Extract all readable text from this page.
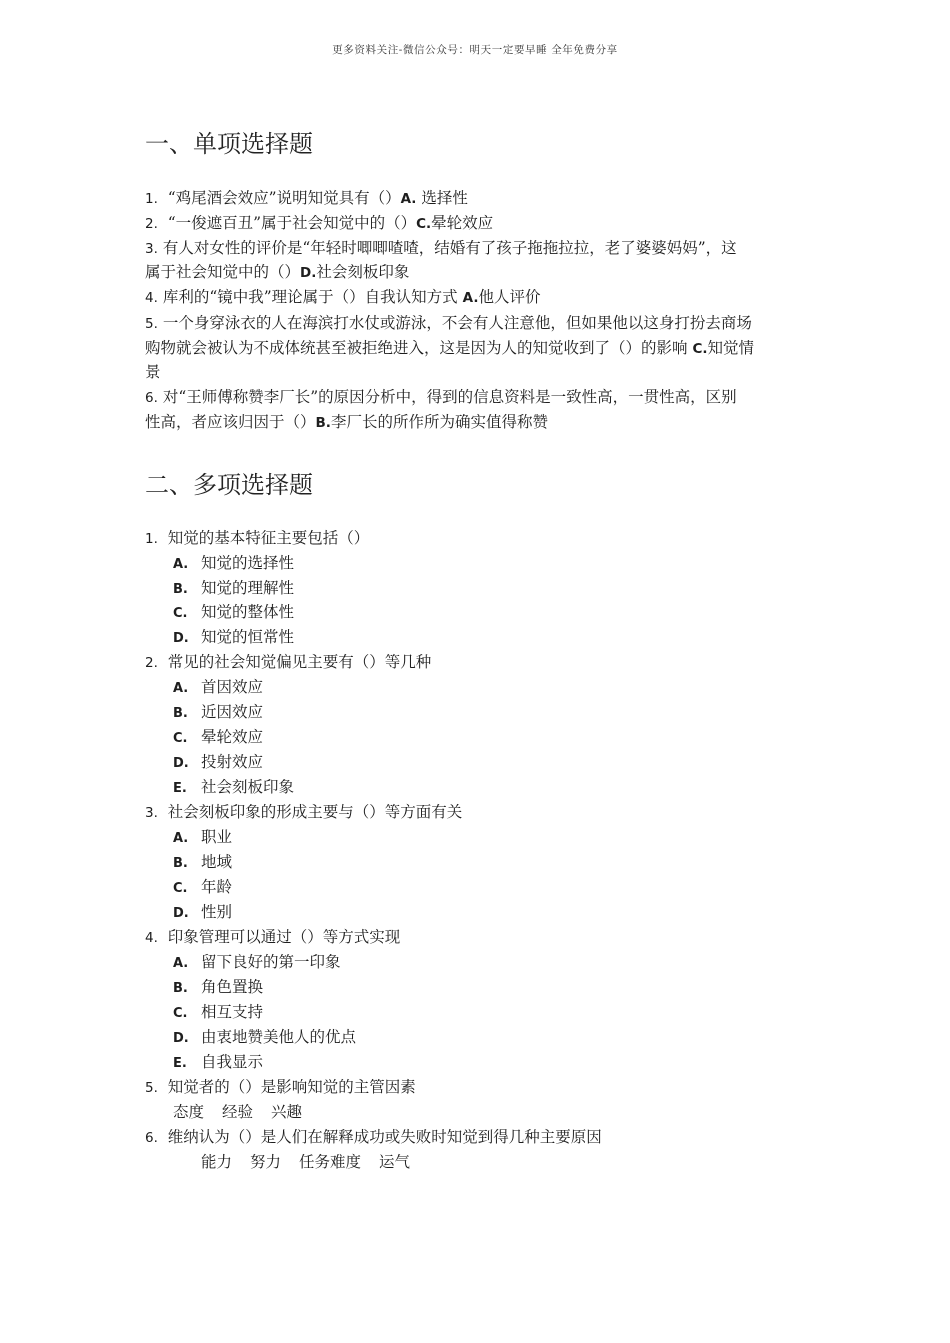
更多资料关注-微信公众号：明天一定要早睡 全年免费分享
一、单项选择题
1. “鸡尾酒会效应”说明知觉具有（）A. 选择性
2. “一俊遮百丑”属于社会知觉中的（）C.晕轮效应
3. 有人对女性的评价是“年轻时唧唧喳喳，结婚有了孩子拖拖拉拉，老了婆婆妈妈”，这
属于社会知觉中的（）D.社会刻板印象
4. 库利的“镜中我”理论属于（）自我认知方式 A.他人评价
5. 一个身穿泳衣的人在海滨打水仗或游泳，不会有人注意他，但如果他以这身打扮去商场
购物就会被认为不成体统甚至被拒绝进入，这是因为人的知觉收到了（）的影响 C.知觉情
景
6. 对“王师傅称赞李厂长”的原因分析中，得到的信息资料是一致性高，一贯性高，区别
性高，者应该归因于（）B.李厂长的所作所为确实值得称赞
二、多项选择题
1. 知觉的基本特征主要包括（）
A. 知觉的选择性
B. 知觉的理解性
C. 知觉的整体性
D. 知觉的恒常性
2. 常见的社会知觉偏见主要有（）等几种
A. 首因效应
B. 近因效应
C. 晕轮效应
D. 投射效应
E. 社会刻板印象
3. 社会刻板印象的形成主要与（）等方面有关
A. 职业
B. 地域
C. 年龄
D. 性别
4. 印象管理可以通过（）等方式实现
A. 留下良好的第一印象
B. 角色置换
C. 相互支持
D. 由衷地赞美他人的优点
E. 自我显示
5. 知觉者的（）是影响知觉的主管因素
态度 经验 兴趣
6. 维纳认为（）是人们在解释成功或失败时知觉到得几种主要原因
能力 努力 任务难度 运气
